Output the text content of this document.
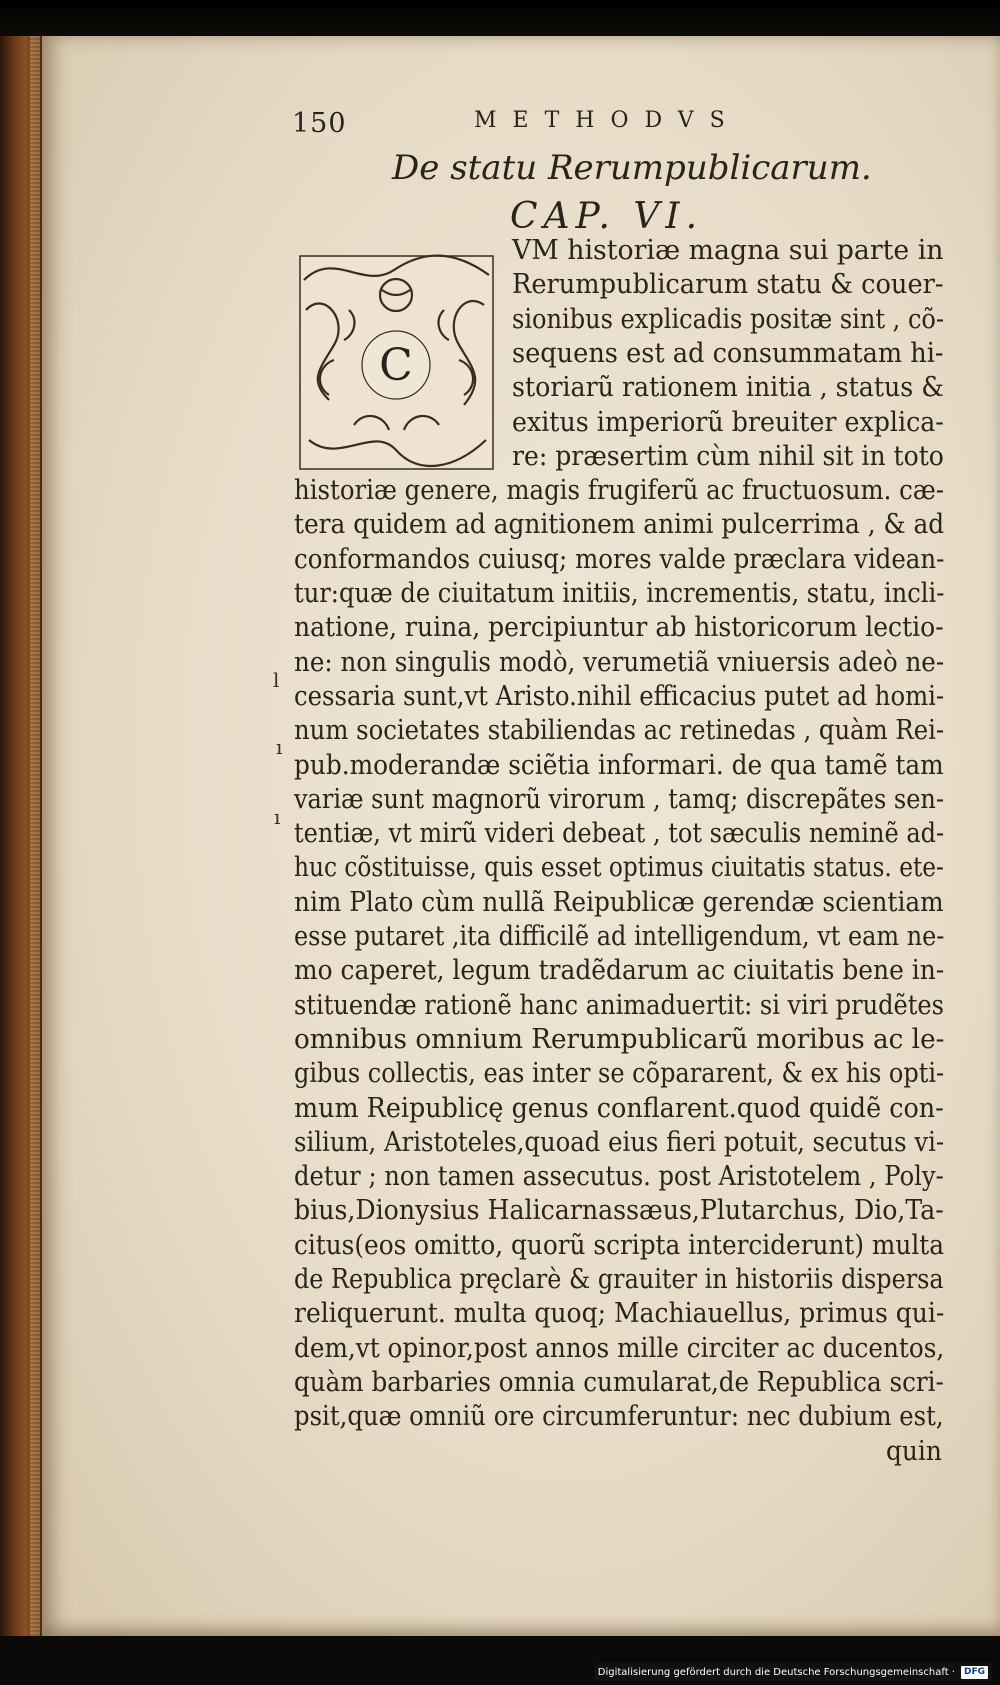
150	METHODVS
De statu Rerumpublicarum.
CAP. VI.
C
VM historiæ magna sui parte in
Rerumpublicarum statu & couer-
sionibus explicadis positæ sint , cõ-
sequens est ad consummatam hi-
storiarũ rationem initia , status &
exitus imperiorũ breuiter explica-
re: præsertim cùm nihil sit in toto
historiæ genere, magis frugiferũ ac fructuosum. cæ-
tera quidem ad agnitionem animi pulcerrima , & ad
conformandos cuiusq; mores valde præclara videan-
tur:quæ de ciuitatum initiis, incrementis, statu, incli-
natione, ruina, percipiuntur ab historicorum lectio-
ne: non singulis modò, verumetiã vniuersis adeò ne-
cessaria sunt,vt Aristo.nihil efficacius putet ad homi-
num societates stabiliendas ac retinedas , quàm Rei-
pub.moderandæ sciẽtia informari. de qua tamẽ tam
variæ sunt magnorũ virorum , tamq; discrepãtes sen-
tentiæ, vt mirũ videri debeat , tot sæculis neminẽ ad-
huc cõstituisse, quis esset optimus ciuitatis status. ete-
nim Plato cùm nullã Reipublicæ gerendæ scientiam
esse putaret ,ita difficilẽ ad intelligendum, vt eam ne-
mo caperet, legum tradẽdarum ac ciuitatis bene in-
stituendæ rationẽ hanc animaduertit: si viri prudẽtes
omnibus omnium Rerumpublicarũ moribus ac le-
gibus collectis, eas inter se cõpararent, & ex his opti-
mum Reipublicę genus conflarent.quod quidẽ con-
silium, Aristoteles,quoad eius fieri potuit, secutus vi-
detur ; non tamen assecutus. post Aristotelem , Poly-
bius,Dionysius Halicarnassæus,Plutarchus, Dio,Ta-
citus(eos omitto, quorũ scripta interciderunt) multa
de Republica pręclarè & grauiter in historiis dispersa
reliquerunt. multa quoq; Machiauellus, primus qui-
dem,vt opinor,post annos mille circiter ac ducentos,
quàm barbaries omnia cumularat,de Republica scri-
psit,quæ omniũ ore circumferuntur: nec dubium est,
quin
l
ı
ı
Digitalisierung gefördert durch die Deutsche Forschungsgemeinschaft ·	DFG
